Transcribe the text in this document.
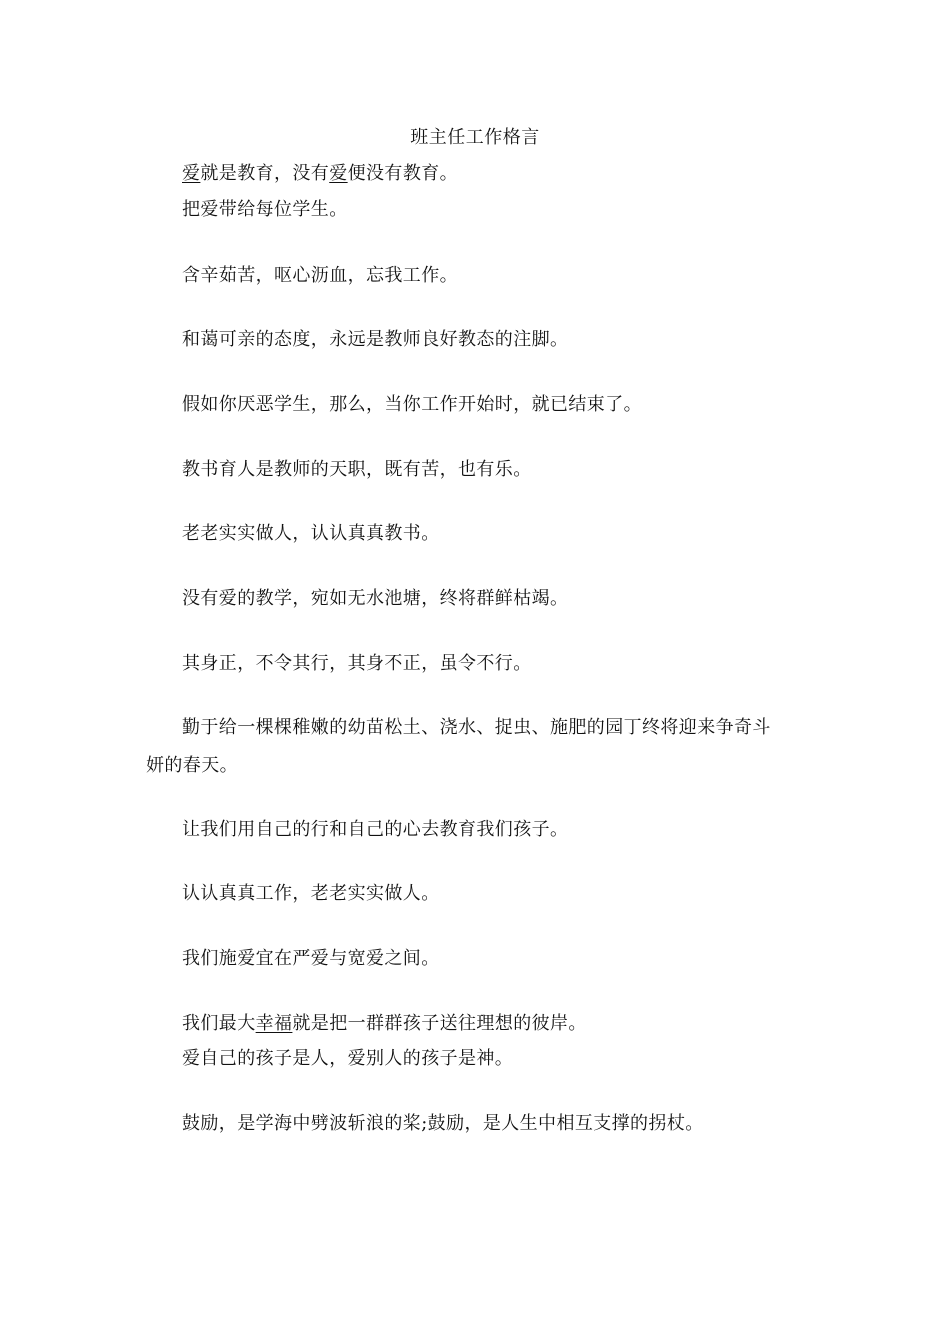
班主任工作格言
爱就是教育，没有爱便没有教育。
把爱带给每位学生。
含辛茹苦，呕心沥血，忘我工作。
和蔼可亲的态度，永远是教师良好教态的注脚。
假如你厌恶学生，那么，当你工作开始时，就已结束了。
教书育人是教师的天职，既有苦，也有乐。
老老实实做人，认认真真教书。
没有爱的教学，宛如无水池塘，终将群鲜枯竭。
其身正，不令其行，其身不正，虽令不行。
勤于给一棵棵稚嫩的幼苗松土、浇水、捉虫、施肥的园丁终将迎来争奇斗
妍的春天。
让我们用自己的行和自己的心去教育我们孩子。
认认真真工作，老老实实做人。
我们施爱宜在严爱与宽爱之间。
我们最大幸福就是把一群群孩子送往理想的彼岸。
爱自己的孩子是人，爱别人的孩子是神。
鼓励，是学海中劈波斩浪的桨;鼓励，是人生中相互支撑的拐杖。
